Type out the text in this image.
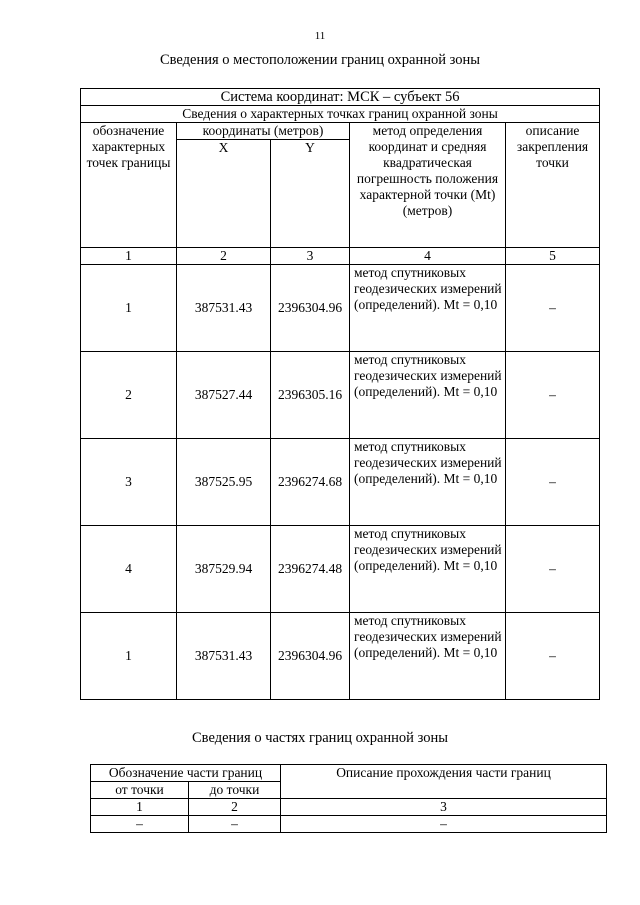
11
Сведения о местоположении границ охранной зоны
Система координат: МСК – субъект 56				
Сведения о характерных точках границ охранной зоны				
обозначение характерных точек границы	координаты (метров)		метод определения координат и средняя квадратическая погрешность положения характерной точки (Mt) (метров)	описание закрепления точки
	X	Y		
1	2	3	4	5
1	387531.43	2396304.96	метод спутниковых геодезических измерений (определений). Mt = 0,10	–
2	387527.44	2396305.16	метод спутниковых геодезических измерений (определений). Mt = 0,10	–
3	387525.95	2396274.68	метод спутниковых геодезических измерений (определений). Mt = 0,10	–
4	387529.94	2396274.48	метод спутниковых геодезических измерений (определений). Mt = 0,10	–
1	387531.43	2396304.96	метод спутниковых геодезических измерений (определений). Mt = 0,10	–
Сведения о частях границ охранной зоны
Обозначение части границ		Описание прохождения части границ
от точки	до точки	
1	2	3
–	–	–
